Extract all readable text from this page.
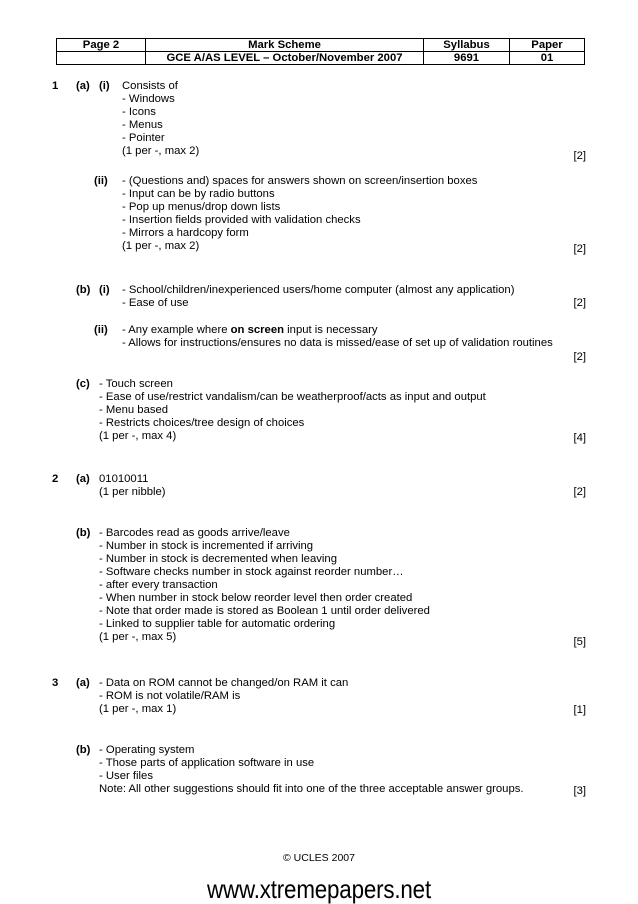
Page 2	Mark Scheme	Syllabus	Paper
	GCE A/AS LEVEL – October/November 2007	9691	01
1 (a) (i) Consists of
- Windows
- Icons
- Menus
- Pointer
(1 per -, max 2)	[2]
(ii) - (Questions and) spaces for answers shown on screen/insertion boxes
- Input can be by radio buttons
- Pop up menus/drop down lists
- Insertion fields provided with validation checks
- Mirrors a hardcopy form
(1 per -, max 2)	[2]
(b) (i) - School/children/inexperienced users/home computer (almost any application)
- Ease of use	[2]
(ii) - Any example where on screen input is necessary
- Allows for instructions/ensures no data is missed/ease of set up of validation routines
[2]
(c) - Touch screen
- Ease of use/restrict vandalism/can be weatherproof/acts as input and output
- Menu based
- Restricts choices/tree design of choices
(1 per -, max 4)	[4]
2 (a) 01010011
(1 per nibble)	[2]
(b) - Barcodes read as goods arrive/leave
- Number in stock is incremented if arriving
- Number in stock is decremented when leaving
- Software checks number in stock against reorder number…
- after every transaction
- When number in stock below reorder level then order created
- Note that order made is stored as Boolean 1 until order delivered
- Linked to supplier table for automatic ordering
(1 per -, max 5)	[5]
3 (a) - Data on ROM cannot be changed/on RAM it can
- ROM is not volatile/RAM is
(1 per -, max 1)	[1]
(b) - Operating system
- Those parts of application software in use
- User files
Note: All other suggestions should fit into one of the three acceptable answer groups.	[3]
© UCLES 2007
www.xtremepapers.net
